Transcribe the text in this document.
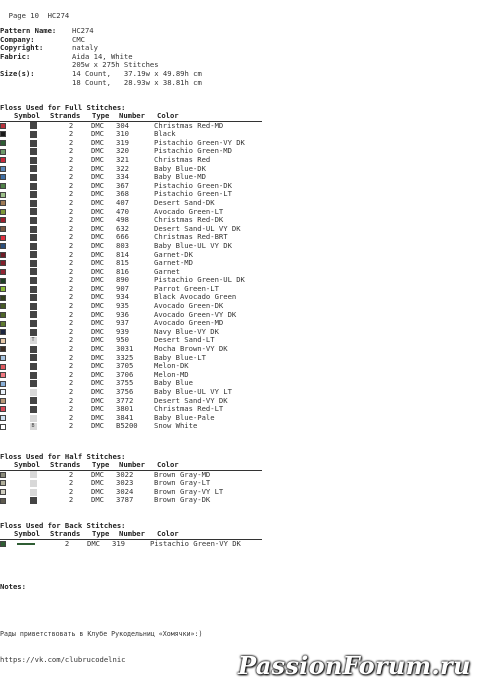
Page 10 HC274

Pattern Name:	HC274
Company:	CMC
Copyright:	nataly
Fabric:	Aida 14, White
205w x 275h Stitches
Size(s):	14 Count,   37.19w x 49.89h cm
18 Count,   28.93w x 38.81h cm
Floss Used for Full Stitches:
Symbol	Strands	Type	Number	Color
2	DMC	304	Christmas Red-MD
2	DMC	310	Black
2	DMC	319	Pistachio Green-VY DK
2	DMC	320	Pistachio Green-MD
2	DMC	321	Christmas Red
2	DMC	322	Baby Blue-DK
2	DMC	334	Baby Blue-MD
2	DMC	367	Pistachio Green-DK
2	DMC	368	Pistachio Green-LT
2	DMC	407	Desert Sand-DK
2	DMC	470	Avocado Green-LT
2	DMC	498	Christmas Red-DK
2	DMC	632	Desert Sand-UL VY DK
2	DMC	666	Christmas Red-BRT
2	DMC	803	Baby Blue-UL VY DK
2	DMC	814	Garnet-DK
2	DMC	815	Garnet-MD
2	DMC	816	Garnet
2	DMC	890	Pistachio Green-UL DK
2	DMC	907	Parrot Green-LT
2	DMC	934	Black Avocado Green
2	DMC	935	Avocado Green-DK
2	DMC	936	Avocado Green-VY DK
2	DMC	937	Avocado Green-MD
2	DMC	939	Navy Blue-VY DK
T	2	DMC	950	Desert Sand-LT
2	DMC	3031	Mocha Brown-VY DK
2	DMC	3325	Baby Blue-LT
2	DMC	3705	Melon-DK
2	DMC	3706	Melon-MD
2	DMC	3755	Baby Blue
2	DMC	3756	Baby Blue-UL VY LT
2	DMC	3772	Desert Sand-VY DK
2	DMC	3801	Christmas Red-LT
2	DMC	3841	Baby Blue-Pale
B	2	DMC	B5200	Snow White
Floss Used for Half Stitches:
Symbol	Strands	Type	Number	Color
2	DMC	3022	Brown Gray-MD
2	DMC	3023	Brown Gray-LT
2	DMC	3024	Brown Gray-VY LT
2	DMC	3787	Brown Gray-DK
Floss Used for Back Stitches:
Symbol	Strands	Type	Number	Color
2	DMC	319	Pistachio Green-VY DK

Notes:

Рады приветствовать в Клубе Рукодельниц «Хомячки»:)

https://vk.com/clubrucodelnic	PassionForum.ru
